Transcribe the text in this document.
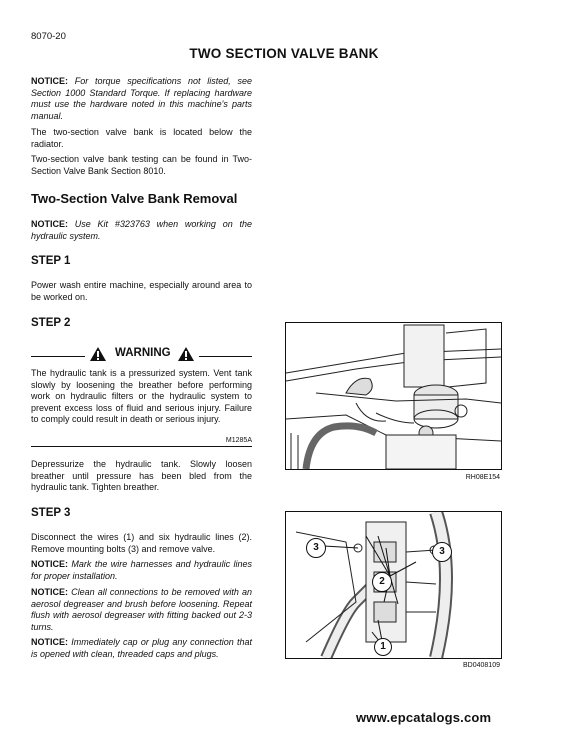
8070-20
TWO SECTION VALVE BANK
NOTICE: For torque specifications not listed, see Section 1000 Standard Torque. If replacing hardware must use the hardware noted in this machine's parts manual.
The two-section valve bank is located below the radiator.
Two-section valve bank testing can be found in Two-Section Valve Bank Section 8010.
Two-Section Valve Bank Removal
NOTICE: Use Kit #323763 when working on the hydraulic system.
STEP 1
Power wash entire machine, especially around area to be worked on.
STEP 2
WARNING
The hydraulic tank is a pressurized system. Vent tank slowly by loosening the breather before performing work on hydraulic filters or the hydraulic system to prevent excess loss of fluid and serious injury. Failure to comply could result in death or serious injury.
M1285A
Depressurize the hydraulic tank. Slowly loosen breather until pressure has been bled from the hydraulic tank. Tighten breather.
STEP 3
Disconnect the wires (1) and six hydraulic lines (2). Remove mounting bolts (3) and remove valve.
NOTICE: Mark the wire harnesses and hydraulic lines for proper installation.
NOTICE: Clean all connections to be removed with an aerosol degreaser and brush before loosening. Repeat flush with aerosol degreaser with fitting backed out 2-3 turns.
NOTICE: Immediately cap or plug any connection that is opened with clean, threaded caps and plugs.
RH08E154
3	3
2
1
BD0408109
www.epcatalogs.com
